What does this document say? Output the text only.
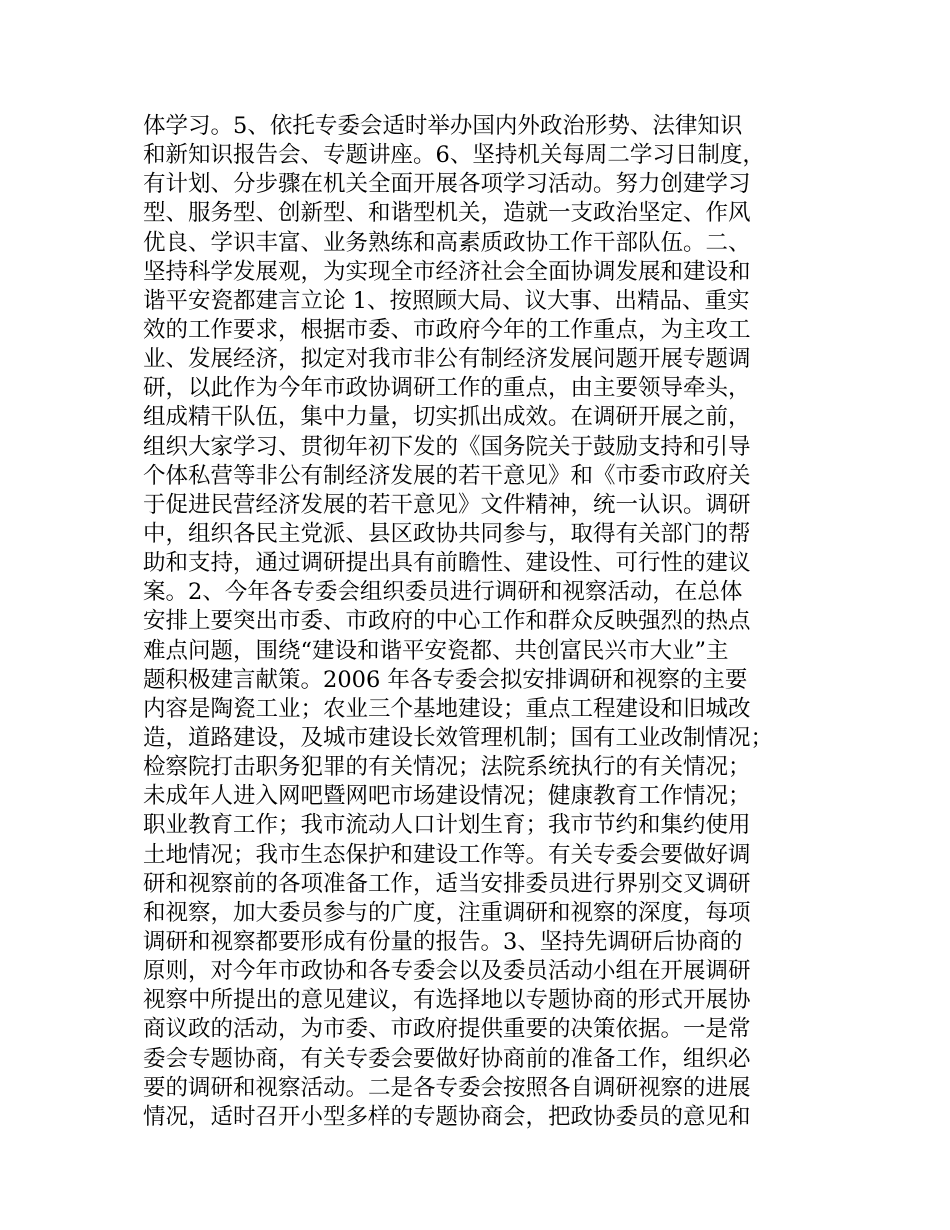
体学习。5、依托专委会适时举办国内外政治形势、法律知识
和新知识报告会、专题讲座。6、坚持机关每周二学习日制度，
有计划、分步骤在机关全面开展各项学习活动。努力创建学习
型、服务型、创新型、和谐型机关，造就一支政治坚定、作风
优良、学识丰富、业务熟练和高素质政协工作干部队伍。二、
坚持科学发展观，为实现全市经济社会全面协调发展和建设和
谐平安瓷都建言立论 1、按照顾大局、议大事、出精品、重实
效的工作要求，根据市委、市政府今年的工作重点，为主攻工
业、发展经济，拟定对我市非公有制经济发展问题开展专题调
研，以此作为今年市政协调研工作的重点，由主要领导牵头，
组成精干队伍，集中力量，切实抓出成效。在调研开展之前，
组织大家学习、贯彻年初下发的《国务院关于鼓励支持和引导
个体私营等非公有制经济发展的若干意见》和《市委市政府关
于促进民营经济发展的若干意见》文件精神，统一认识。调研
中，组织各民主党派、县区政协共同参与，取得有关部门的帮
助和支持，通过调研提出具有前瞻性、建设性、可行性的建议
案。2、今年各专委会组织委员进行调研和视察活动，在总体
安排上要突出市委、市政府的中心工作和群众反映强烈的热点
难点问题，围绕“建设和谐平安瓷都、共创富民兴市大业”主
题积极建言献策。2006 年各专委会拟安排调研和视察的主要
内容是陶瓷工业；农业三个基地建设；重点工程建设和旧城改
造，道路建设，及城市建设长效管理机制；国有工业改制情况；
检察院打击职务犯罪的有关情况；法院系统执行的有关情况；
未成年人进入网吧暨网吧市场建设情况；健康教育工作情况；
职业教育工作；我市流动人口计划生育；我市节约和集约使用
土地情况；我市生态保护和建设工作等。有关专委会要做好调
研和视察前的各项准备工作，适当安排委员进行界别交叉调研
和视察，加大委员参与的广度，注重调研和视察的深度，每项
调研和视察都要形成有份量的报告。3、坚持先调研后协商的
原则，对今年市政协和各专委会以及委员活动小组在开展调研
视察中所提出的意见建议，有选择地以专题协商的形式开展协
商议政的活动，为市委、市政府提供重要的决策依据。一是常
委会专题协商，有关专委会要做好协商前的准备工作，组织必
要的调研和视察活动。二是各专委会按照各自调研视察的进展
情况，适时召开小型多样的专题协商会，把政协委员的意见和
